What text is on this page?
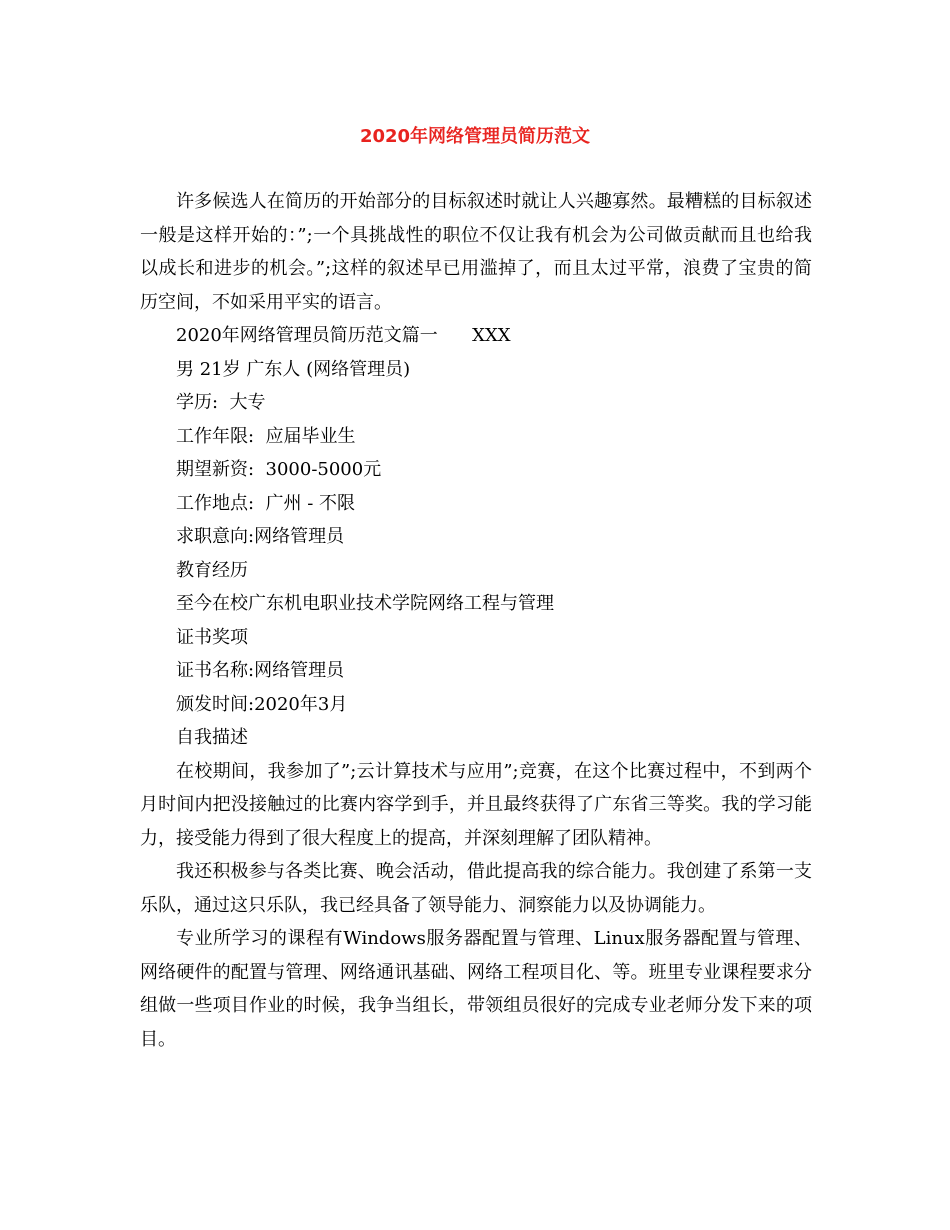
2020年网络管理员简历范文

许多候选人在简历的开始部分的目标叙述时就让人兴趣寡然。最糟糕的目标叙述一般是这样开始的：”;一个具挑战性的职位不仅让我有机会为公司做贡献而且也给我以成长和进步的机会。”;这样的叙述早已用滥掉了，而且太过平常，浪费了宝贵的简历空间，不如采用平实的语言。

2020年网络管理员简历范文篇一      XXX

男 21岁 广东人 (网络管理员)

学历:  大专

工作年限:  应届毕业生

期望新资:  3000-5000元

工作地点:  广州 - 不限

求职意向:网络管理员

教育经历

至今在校广东机电职业技术学院网络工程与管理

证书奖项

证书名称:网络管理员

颁发时间:2020年3月

自我描述

在校期间，我参加了”;云计算技术与应用”;竞赛，在这个比赛过程中，不到两个月时间内把没接触过的比赛内容学到手，并且最终获得了广东省三等奖。我的学习能力，接受能力得到了很大程度上的提高，并深刻理解了团队精神。

我还积极参与各类比赛、晚会活动，借此提高我的综合能力。我创建了系第一支乐队，通过这只乐队，我已经具备了领导能力、洞察能力以及协调能力。

专业所学习的课程有Windows服务器配置与管理、Linux服务器配置与管理、网络硬件的配置与管理、网络通讯基础、网络工程项目化、等。班里专业课程要求分组做一些项目作业的时候，我争当组长，带领组员很好的完成专业老师分发下来的项目。
